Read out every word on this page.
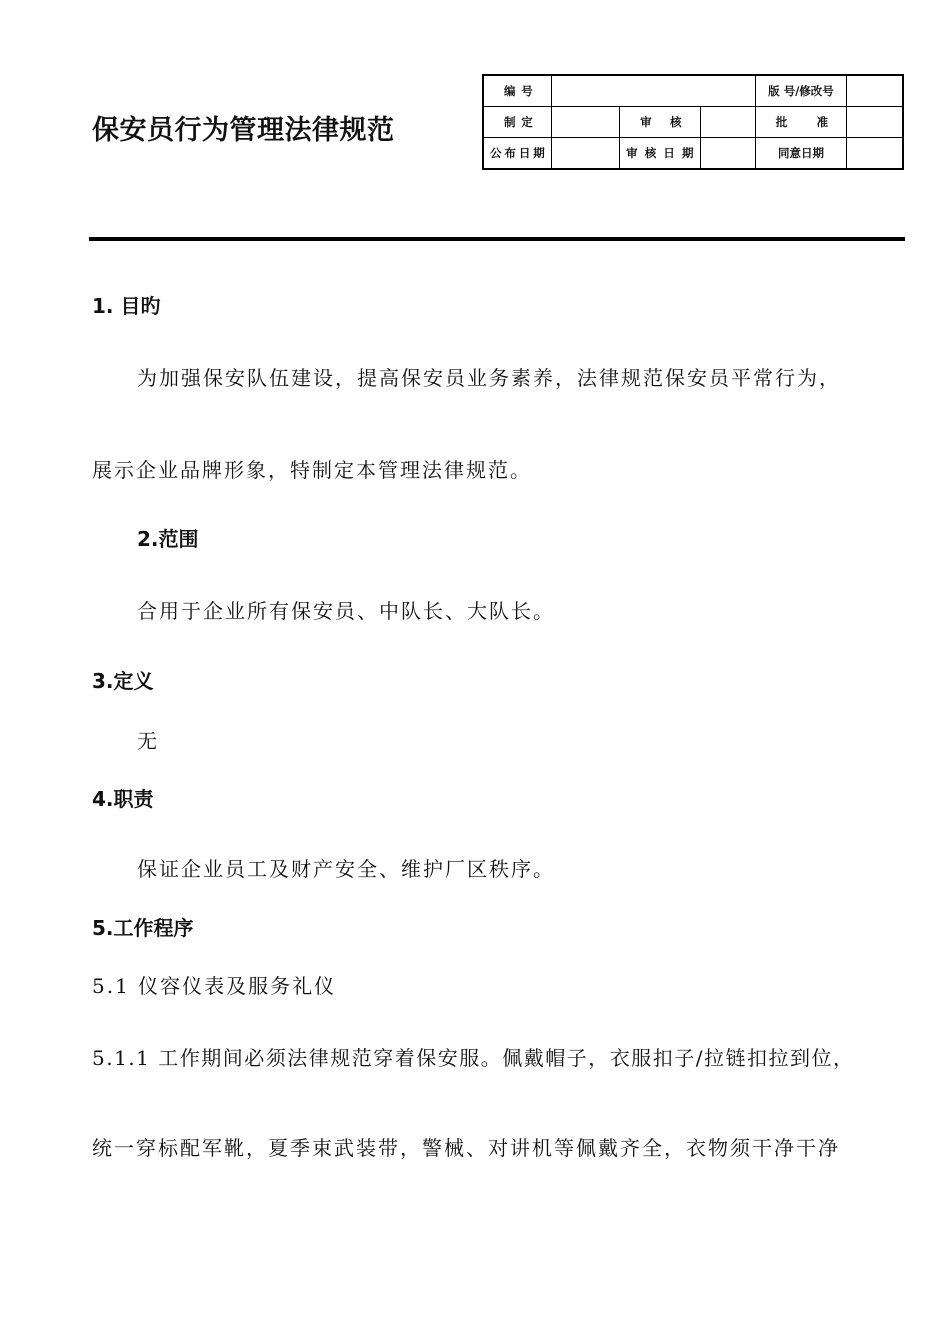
保安员行为管理法律规范
编 号				版 号/修改号	
制 定		审 核		批 准	
公布日期		审核日期		同意日期	
1. 目旳
为加强保安队伍建设，提高保安员业务素养，法律规范保安员平常行为，
展示企业品牌形象，特制定本管理法律规范。
2.范围
合用于企业所有保安员、中队长、大队长。
3.定义
无
4.职责
保证企业员工及财产安全、维护厂区秩序。
5.工作程序
5.1 仪容仪表及服务礼仪
5.1.1 工作期间必须法律规范穿着保安服。佩戴帽子，衣服扣子/拉链扣拉到位，
统一穿标配军靴，夏季束武装带，警械、对讲机等佩戴齐全，衣物须干净干净
